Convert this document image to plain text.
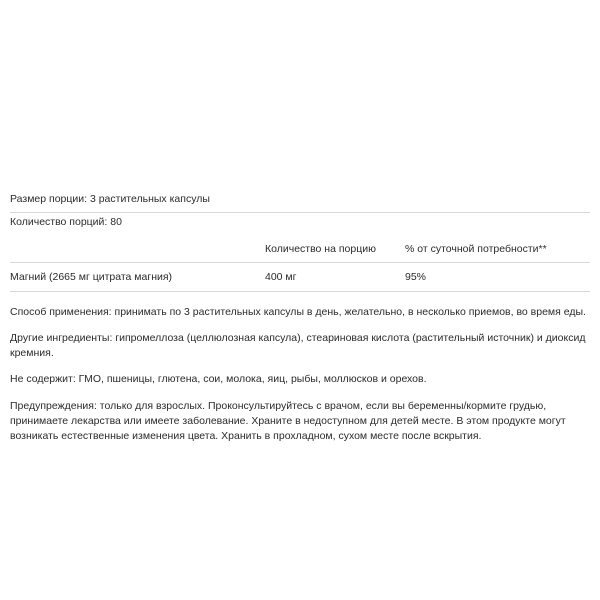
Размер порции: 3 растительных капсулы		
Количество порций: 80		
	Количество на порцию	% от суточной потребности**
Магний (2665 мг цитрата магния)	400 мг	95%

Способ применения: принимать по 3 растительных капсулы в день, желательно, в несколько приемов, во время еды.

Другие ингредиенты: гипромеллоза (целлюлозная капсула), стеариновая кислота (растительный источник) и диоксид кремния.

Не содержит: ГМО, пшеницы, глютена, сои, молока, яиц, рыбы, моллюсков и орехов.

Предупреждения: только для взрослых. Проконсультируйтесь с врачом, если вы беременны/кормите грудью, принимаете лекарства или имеете заболевание. Храните в недоступном для детей месте. В этом продукте могут возникать естественные изменения цвета. Хранить в прохладном, сухом месте после вскрытия.
